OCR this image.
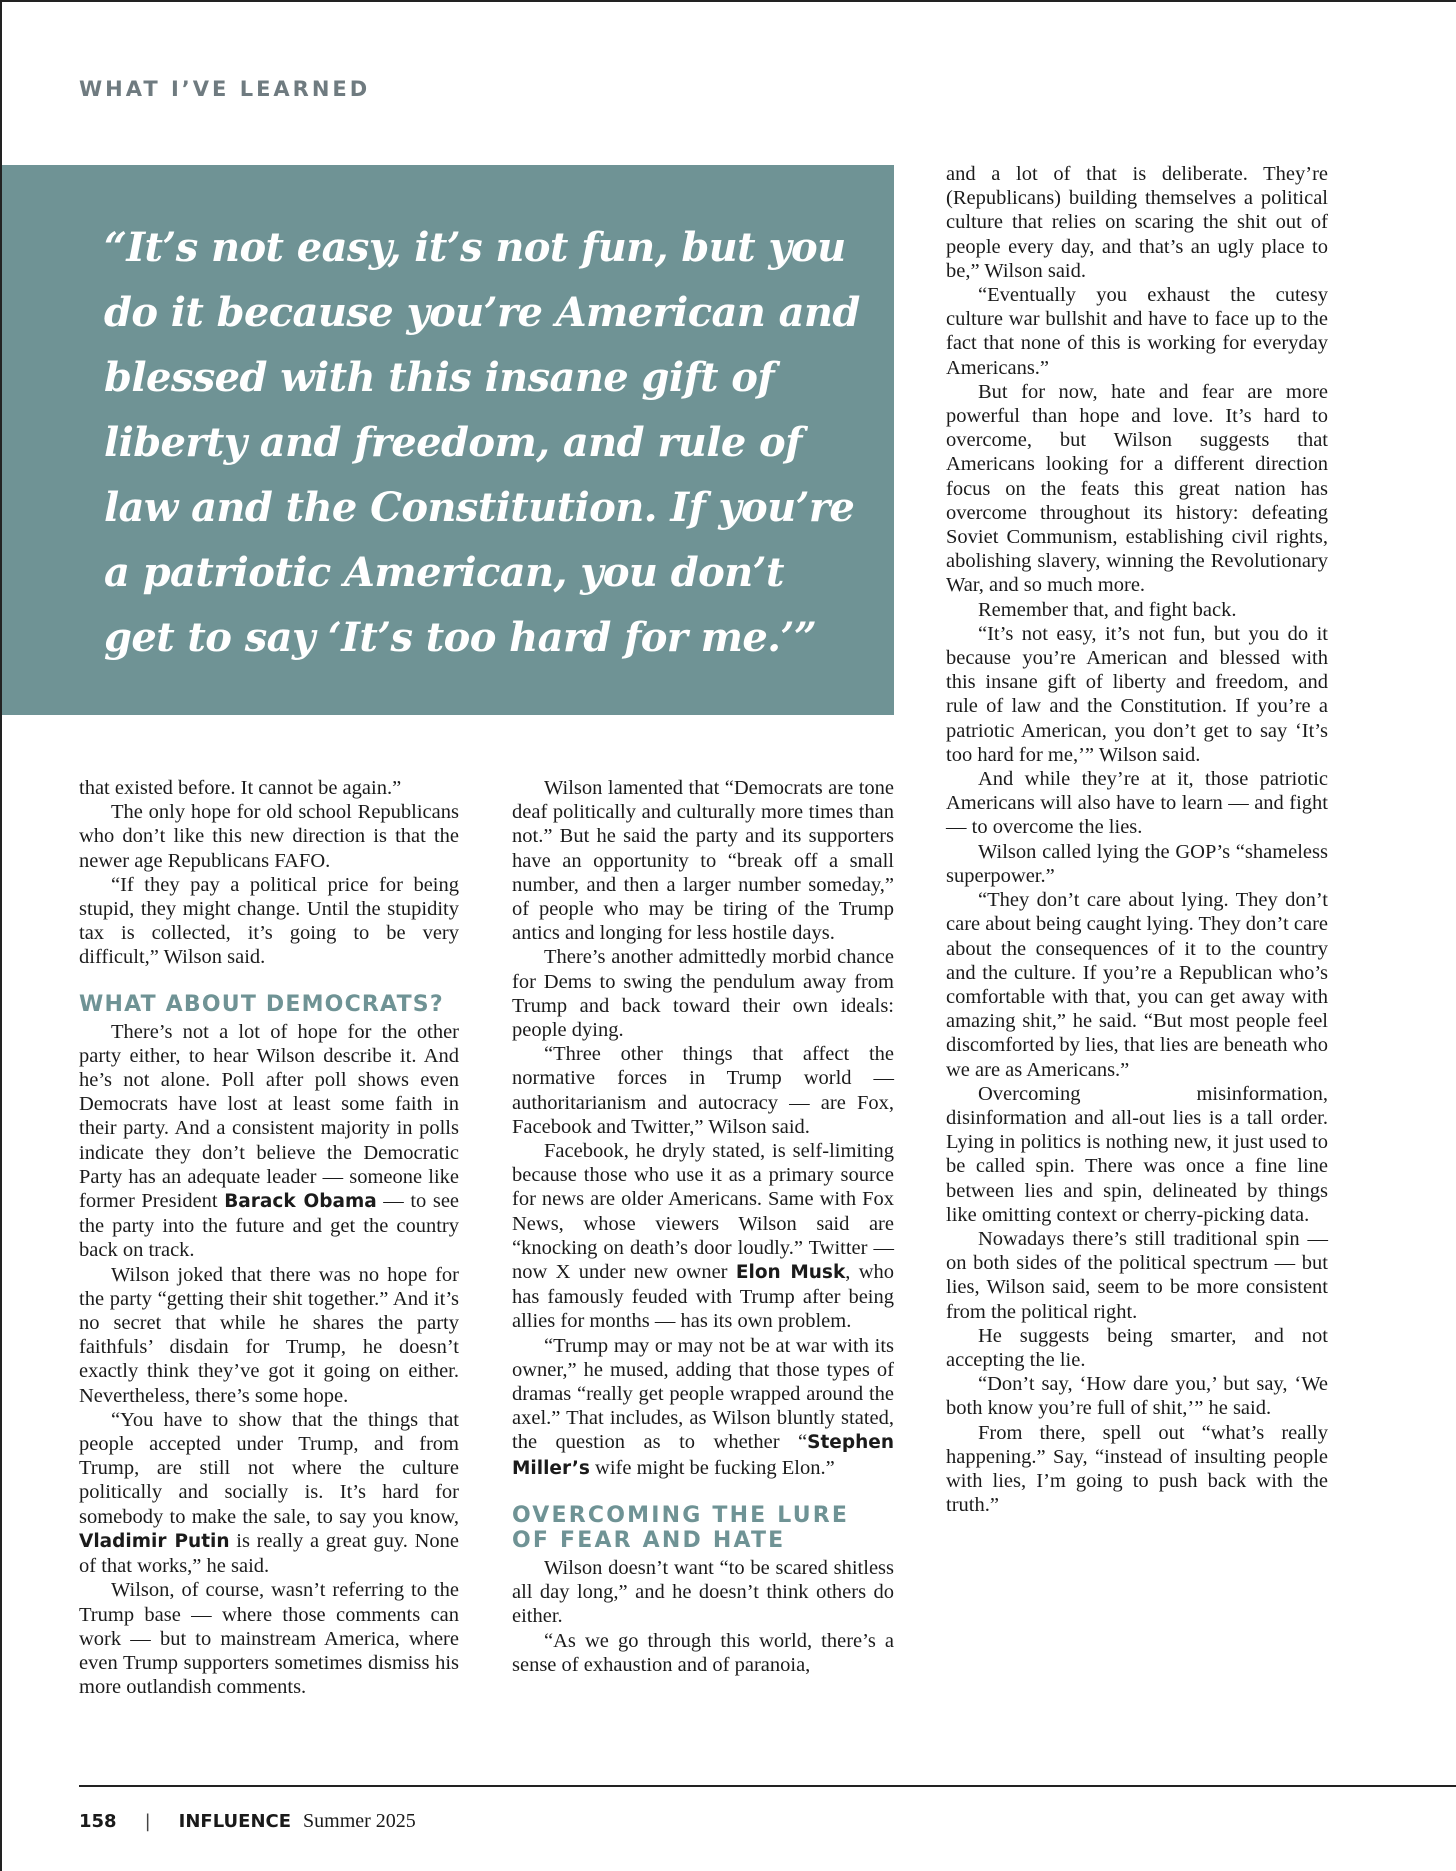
WHAT I’VE LEARNED

“It’s not easy, it’s not fun, but you do it because you’re American and blessed with this insane gift of liberty and freedom, and rule of law and the Constitution. If you’re a patriotic American, you don’t get to say ‘It’s too hard for me.’”

that existed before. It cannot be again.”

The only hope for old school Republicans who don’t like this new direction is that the newer age Republicans FAFO.

“If they pay a political price for being stupid, they might change. Until the stupidity tax is collected, it’s going to be very difficult,” Wilson said.

WHAT ABOUT DEMOCRATS?

There’s not a lot of hope for the other party either, to hear Wilson describe it. And he’s not alone. Poll after poll shows even Democrats have lost at least some faith in their party. And a consistent majority in polls indicate they don’t believe the Democratic Party has an adequate leader — someone like former President Barack Obama — to see the party into the future and get the country back on track.

Wilson joked that there was no hope for the party “getting their shit together.” And it’s no secret that while he shares the party faithfuls’ disdain for Trump, he doesn’t exactly think they’ve got it going on either. Nevertheless, there’s some hope.

“You have to show that the things that people accepted under Trump, and from Trump, are still not where the culture politically and socially is. It’s hard for somebody to make the sale, to say you know, Vladimir Putin is really a great guy. None of that works,” he said.

Wilson, of course, wasn’t referring to the Trump base — where those comments can work — but to mainstream America, where even Trump supporters sometimes dismiss his more outlandish comments.

Wilson lamented that “Democrats are tone deaf politically and culturally more times than not.” But he said the party and its supporters have an opportunity to “break off a small number, and then a larger number someday,” of people who may be tiring of the Trump antics and longing for less hostile days.

There’s another admittedly morbid chance for Dems to swing the pendulum away from Trump and back toward their own ideals: people dying.

“Three other things that affect the normative forces in Trump world — authoritarianism and autocracy — are Fox, Facebook and Twitter,” Wilson said.

Facebook, he dryly stated, is self-limiting because those who use it as a primary source for news are older Americans. Same with Fox News, whose viewers Wilson said are “knocking on death’s door loudly.” Twitter — now X under new owner Elon Musk, who has famously feuded with Trump after being allies for months — has its own problem.

“Trump may or may not be at war with its owner,” he mused, adding that those types of dramas “really get people wrapped around the axel.” That includes, as Wilson bluntly stated, the question as to whether “Stephen Miller’s wife might be fucking Elon.”

OVERCOMING THE LURE OF FEAR AND HATE

Wilson doesn’t want “to be scared shitless all day long,” and he doesn’t think others do either.

“As we go through this world, there’s a sense of exhaustion and of paranoia,

and a lot of that is deliberate. They’re (Republicans) building themselves a political culture that relies on scaring the shit out of people every day, and that’s an ugly place to be,” Wilson said.

“Eventually you exhaust the cutesy culture war bullshit and have to face up to the fact that none of this is working for everyday Americans.”

But for now, hate and fear are more powerful than hope and love. It’s hard to overcome, but Wilson suggests that Americans looking for a different direction focus on the feats this great nation has overcome throughout its history: defeating Soviet Communism, establishing civil rights, abolishing slavery, winning the Revolutionary War, and so much more.

Remember that, and fight back.

“It’s not easy, it’s not fun, but you do it because you’re American and blessed with this insane gift of liberty and freedom, and rule of law and the Constitution. If you’re a patriotic American, you don’t get to say ‘It’s too hard for me,’” Wilson said.

And while they’re at it, those patriotic Americans will also have to learn — and fight — to overcome the lies.

Wilson called lying the GOP’s “shameless superpower.”

“They don’t care about lying. They don’t care about being caught lying. They don’t care about the consequences of it to the country and the culture. If you’re a Republican who’s comfortable with that, you can get away with amazing shit,” he said. “But most people feel discomforted by lies, that lies are beneath who we are as Americans.”

Overcoming misinformation, disinformation and all-out lies is a tall order. Lying in politics is nothing new, it just used to be called spin. There was once a fine line between lies and spin, delineated by things like omitting context or cherry-picking data.

Nowadays there’s still traditional spin — on both sides of the political spectrum — but lies, Wilson said, seem to be more consistent from the political right.

He suggests being smarter, and not accepting the lie.

“Don’t say, ‘How dare you,’ but say, ‘We both know you’re full of shit,’” he said.

From there, spell out “what’s really happening.” Say, “instead of insulting people with lies, I’m going to push back with the truth.”

158 | INFLUENCE Summer 2025
